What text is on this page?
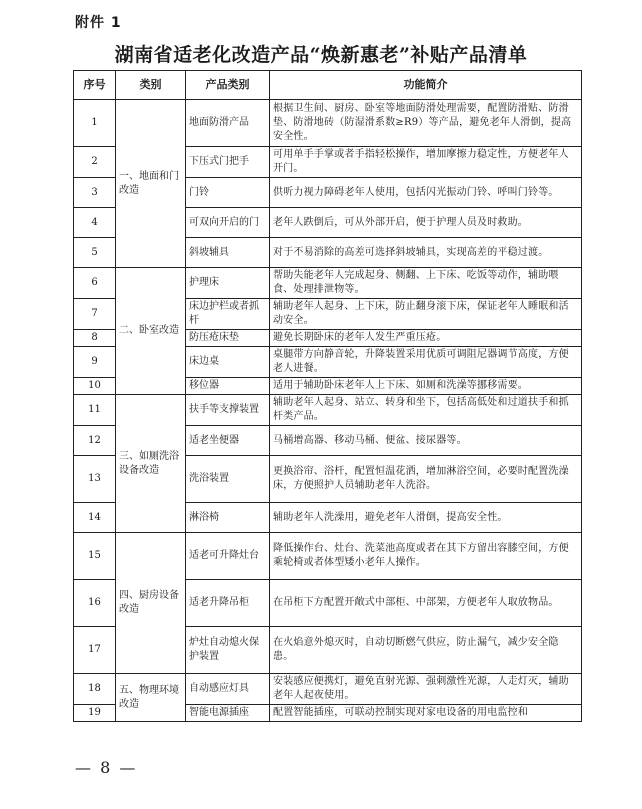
附件 1
湖南省适老化改造产品“焕新惠老”补贴产品清单
序号	类别	产品类别	功能简介
1	一、地面和门改造	地面防滑产品	根据卫生间、厨房、卧室等地面防滑处理需要，配置防滑贴、防滑垫、防滑地砖（防湿滑系数≥R9）等产品，避免老年人滑倒，提高安全性。
2		下压式门把手	可用单手手掌或者手指轻松操作，增加摩擦力稳定性，方便老年人开门。
3		门铃	供听力视力障碍老年人使用，包括闪光振动门铃、呼叫门铃等。
4		可双向开启的门	老年人跌倒后，可从外部开启，便于护理人员及时救助。
5		斜坡辅具	对于不易消除的高差可选择斜坡辅具，实现高差的平稳过渡。
6	二、卧室改造	护理床	帮助失能老年人完成起身、侧翻、上下床、吃饭等动作，辅助喂食、处理排泄物等。
7		床边护栏或者抓杆	辅助老年人起身、上下床，防止翻身滚下床，保证老年人睡眠和活动安全。
8		防压疮床垫	避免长期卧床的老年人发生严重压疮。
9		床边桌	桌腿带方向静音轮，升降装置采用优质可调阻尼器调节高度，方便老人进餐。
10		移位器	适用于辅助卧床老年人上下床、如厕和洗澡等挪移需要。
11	三、如厕洗浴设备改造	扶手等支撑装置	辅助老年人起身、站立、转身和坐下，包括高低处和过道扶手和抓杆类产品。
12		适老坐便器	马桶增高器、移动马桶、便盆、接尿器等。
13		洗浴装置	更换浴帘、浴杆，配置恒温花洒，增加淋浴空间，必要时配置洗澡床，方便照护人员辅助老年人洗浴。
14		淋浴椅	辅助老年人洗澡用，避免老年人滑倒，提高安全性。
15	四、厨房设备改造	适老可升降灶台	降低操作台、灶台、洗菜池高度或者在其下方留出容膝空间，方便乘轮椅或者体型矮小老年人操作。
16		适老升降吊柜	在吊柜下方配置开敞式中部柜、中部架，方便老年人取放物品。
17		炉灶自动熄火保护装置	在火焰意外熄灭时，自动切断燃气供应，防止漏气，减少安全隐患。
18	五、物理环境改造	自动感应灯具	安装感应便携灯，避免直射光源、强刺激性光源，人走灯灭，辅助老年人起夜使用。
19		智能电源插座	配置智能插座，可联动控制实现对家电设备的用电监控和
— 8 —
